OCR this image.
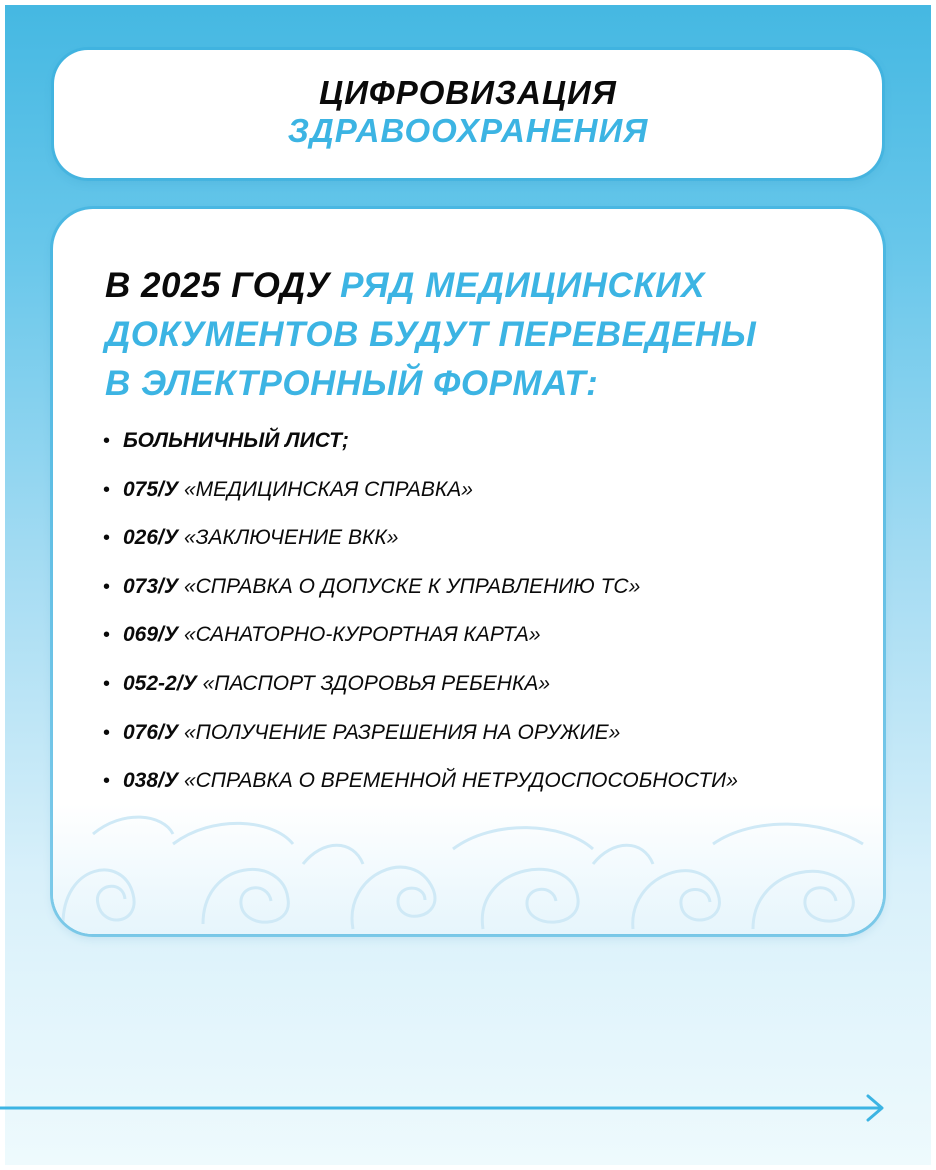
ЦИФРОВИЗАЦИЯ
ЗДРАВООХРАНЕНИЯ
В 2025 ГОДУ РЯД МЕДИЦИНСКИХ
ДОКУМЕНТОВ БУДУТ ПЕРЕВЕДЕНЫ
В ЭЛЕКТРОННЫЙ ФОРМАТ:
• БОЛЬНИЧНЫЙ ЛИСТ;
• 075/У «МЕДИЦИНСКАЯ СПРАВКА»
• 026/У «ЗАКЛЮЧЕНИЕ ВКК»
• 073/У «СПРАВКА О ДОПУСКЕ К УПРАВЛЕНИЮ ТС»
• 069/У «САНАТОРНО-КУРОРТНАЯ КАРТА»
• 052-2/У «ПАСПОРТ ЗДОРОВЬЯ РЕБЕНКА»
• 076/У «ПОЛУЧЕНИЕ РАЗРЕШЕНИЯ НА ОРУЖИЕ»
• 038/У «СПРАВКА О ВРЕМЕННОЙ НЕТРУДОСПОСОБНОСТИ»
